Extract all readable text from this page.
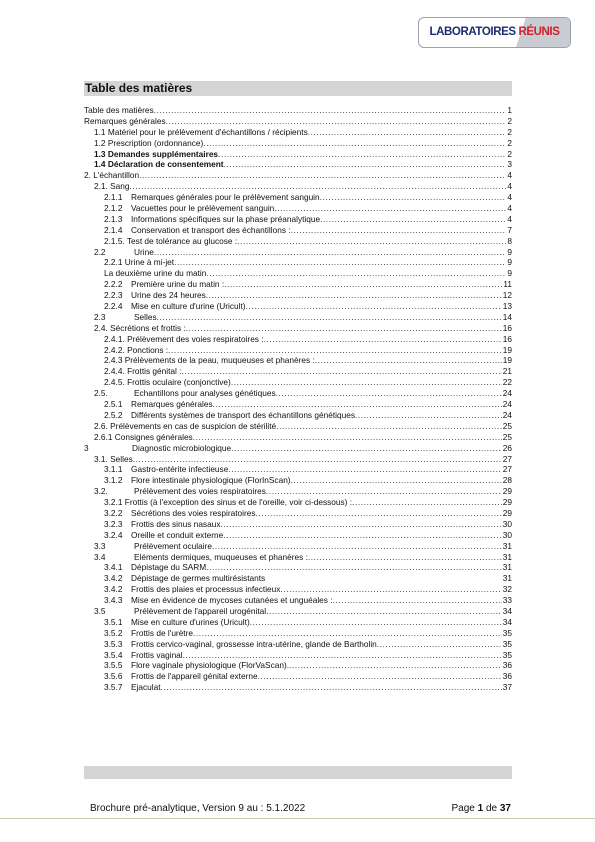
LABORATOIRES RÉUNIS
Table des matières
Table des matières .....	1
Remarques générales .....	2
1.1 Matériel pour le prélèvement d'échantillons / récipients .....	2
1.2 Prescription (ordonnance) .....	2
1.3 Demandes supplémentaires .....	2
1.4 Déclaration de consentement .....	3
2. L'échantillon .....	4
2.1. Sang .....	4
2.1.1 Remarques générales pour le prélèvement sanguin .....	4
2.1.2 Vacuettes pour le prélèvement sanguin .....	4
2.1.3 Informations spécifiques sur la phase préanalytique .....	4
2.1.4 Conservation et transport des échantillons : .....	7
2.1.5. Test de tolérance au glucose : .....	8
2.2	Urine .....	9
2.2.1 Urine à mi-jet .....	9
La deuxième urine du matin .....	9
2.2.2 Première urine du matin : .....	11
2.2.3 Urine des 24 heures .....	12
2.2.4 Mise en culture d'urine (Uricult) .....	13
2.3	Selles .....	14
2.4. Sécrétions et frottis : .....	16
2.4.1. Prélèvement des voies respiratoires : .....	16
2.4.2. Ponctions : .....	19
2.4.3 Prélèvements de la peau, muqueuses et phanères : .....	19
2.4.4. Frottis génital : .....	21
2.4.5. Frottis oculaire (conjonctive) .....	22
2.5.	Echantillons pour analyses génétiques .....	24
2.5.1 Remarques générales .....	24
2.5.2 Différents systèmes de transport des échantillons génétiques .....	24
2.6. Prélèvements en cas de suspicion de stérilité .....	25
2.6.1 Consignes générales .....	25
3	Diagnostic microbiologique .....	26
3.1. Selles .....	27
3.1.1 Gastro-entérite infectieuse .....	27
3.1.2 Flore intestinale physiologique (FlorInScan) .....	28
3.2.	Prélèvement des voies respiratoires .....	29
3.2.1 Frottis (à l'exception des sinus et de l'oreille, voir ci-dessous) : .....	29
3.2.2 Sécrétions des voies respiratoires .....	29
3.2.3 Frottis des sinus nasaux .....	30
3.2.4 Oreille et conduit externe .....	30
3.3	Prélèvement oculaire .....	31
3.4	Eléments dermiques, muqueuses et phanères : .....	31
3.4.1 Dépistage du SARM .....	31
3.4.2 Dépistage de germes multirésistants	31
3.4.2 Frottis des plaies et processus infectieux .....	32
3.4.3 Mise en évidence de mycoses cutanées et unguéales : .....	33
3.5	Prélèvement de l'appareil urogénital .....	34
3.5.1 Mise en culture d'urines (Uricult) .....	34
3.5.2 Frottis de l'urètre .....	35
3.5.3 Frottis cervico-vaginal, grossesse intra-utérine, glande de Bartholin .....	35
3.5.4 Frottis vaginal .....	35
3.5.5 Flore vaginale physiologique (FlorVaScan). .....	36
3.5.6 Frottis de l'appareil génital externe .....	36
3.5.7 Ejaculat .....	37
Brochure pré-analytique, Version 9 au : 5.1.2022	Page 1 de 37
